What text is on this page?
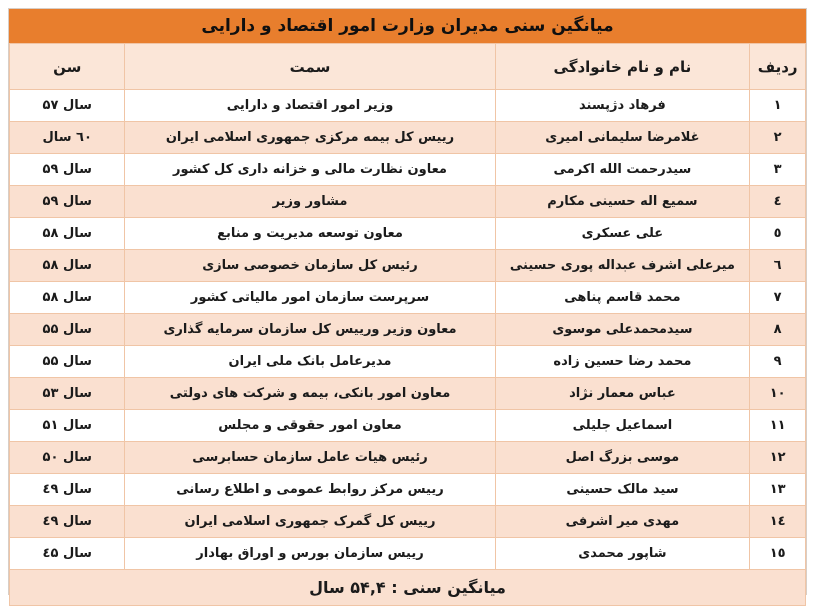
میانگین سنی مدیران وزارت امور اقتصاد و دارایی
ردیف	نام و نام خانوادگی	سمت	سن
۱	فرهاد دژپسند	وزیر امور اقتصاد و دارایی	۵۷ سال
۲	غلامرضا سلیمانی امیری	رییس کل بیمه مرکزی جمهوری اسلامی ایران	٦٠ سال
۳	سیدرحمت الله اکرمی	معاون نظارت مالی و خزانه داری کل کشور	۵۹ سال
٤	سمیع اله حسینی مکارم	مشاور وزیر	۵۹ سال
٥	علی عسکری	معاون توسعه مدیریت و منابع	۵۸ سال
٦	میرعلی اشرف عبداله پوری حسینی	رئیس کل سازمان خصوصی سازی	۵۸ سال
۷	محمد قاسم پناهی	سرپرست سازمان امور مالیاتی کشور	۵۸ سال
۸	سیدمحمدعلی موسوی	معاون وزیر ورییس کل سازمان سرمایه گذاری	۵۵ سال
۹	محمد رضا حسین زاده	مدیرعامل بانک ملی ایران	۵۵ سال
۱۰	عباس معمار نژاد	معاون امور بانکی، بیمه و شرکت های دولتی	۵۳ سال
۱۱	اسماعیل جلیلی	معاون امور حقوقی و مجلس	۵۱ سال
۱۲	موسی بزرگ اصل	رئیس هیات عامل سازمان حسابرسی	۵۰ سال
۱۳	سید مالک حسینی	رییس مرکز روابط عمومی و اطلاع رسانی	٤۹ سال
۱٤	مهدی میر اشرفی	رییس کل گمرک جمهوری اسلامی ایران	٤۹ سال
۱٥	شاپور محمدی	رییس سازمان بورس و اوراق بهادار	٤۵ سال
میانگین سنی : ۵۴,۴ سال			
